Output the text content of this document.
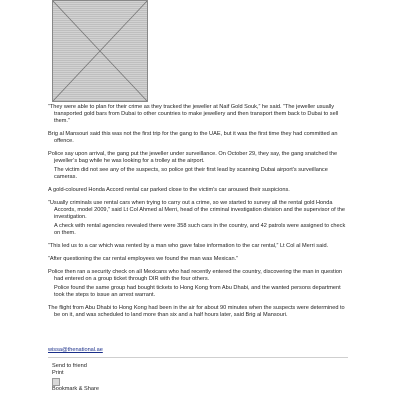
“They were able to plan for their crime as they tracked the jeweller at Naif Gold Souk,” he said. “The jeweller usually transported gold bars from Dubai to other countries to make jewellery and then transport them back to Dubai to sell them.”

Brig al Mansouri said this was not the first trip for the gang to the UAE, but it was the first time they had committed an offence.

Police say upon arrival, the gang put the jeweller under surveillance. On October 29, they say, the gang snatched the jeweller’s bag while he was looking for a trolley at the airport.

The victim did not see any of the suspects, so police got their first lead by scanning Dubai airport’s surveillance cameras.

A gold-coloured Honda Accord rental car parked close to the victim’s car aroused their suspicions.

“Usually criminals use rental cars when trying to carry out a crime, so we started to survey all the rental gold Honda Accords, model 2009,” said Lt Col Ahmed al Merri, head of the criminal investigation division and the supervisor of the investigation.

A check with rental agencies revealed there were 358 such cars in the country, and 42 patrols were assigned to check on them.

“This led us to a car which was rented by a man who gave false information to the car rental,” Lt Col al Merri said.

“After questioning the car rental employees we found the man was Mexican.”

Police then ran a security check on all Mexicans who had recently entered the country, discovering the man in question had entered on a group ticket through DIR with the four others.

Police found the same group had bought tickets to Hong Kong from Abu Dhabi, and the wanted persons department took the steps to issue an arrest warrant.

The flight from Abu Dhabi to Hong Kong had been in the air for about 90 minutes when the suspects were determined to be on it, and was scheduled to land more than six and a half hours later, said Brig al Mansouri.

wissa@thenational.ae
Send to friend
Print
Bookmark & Share
